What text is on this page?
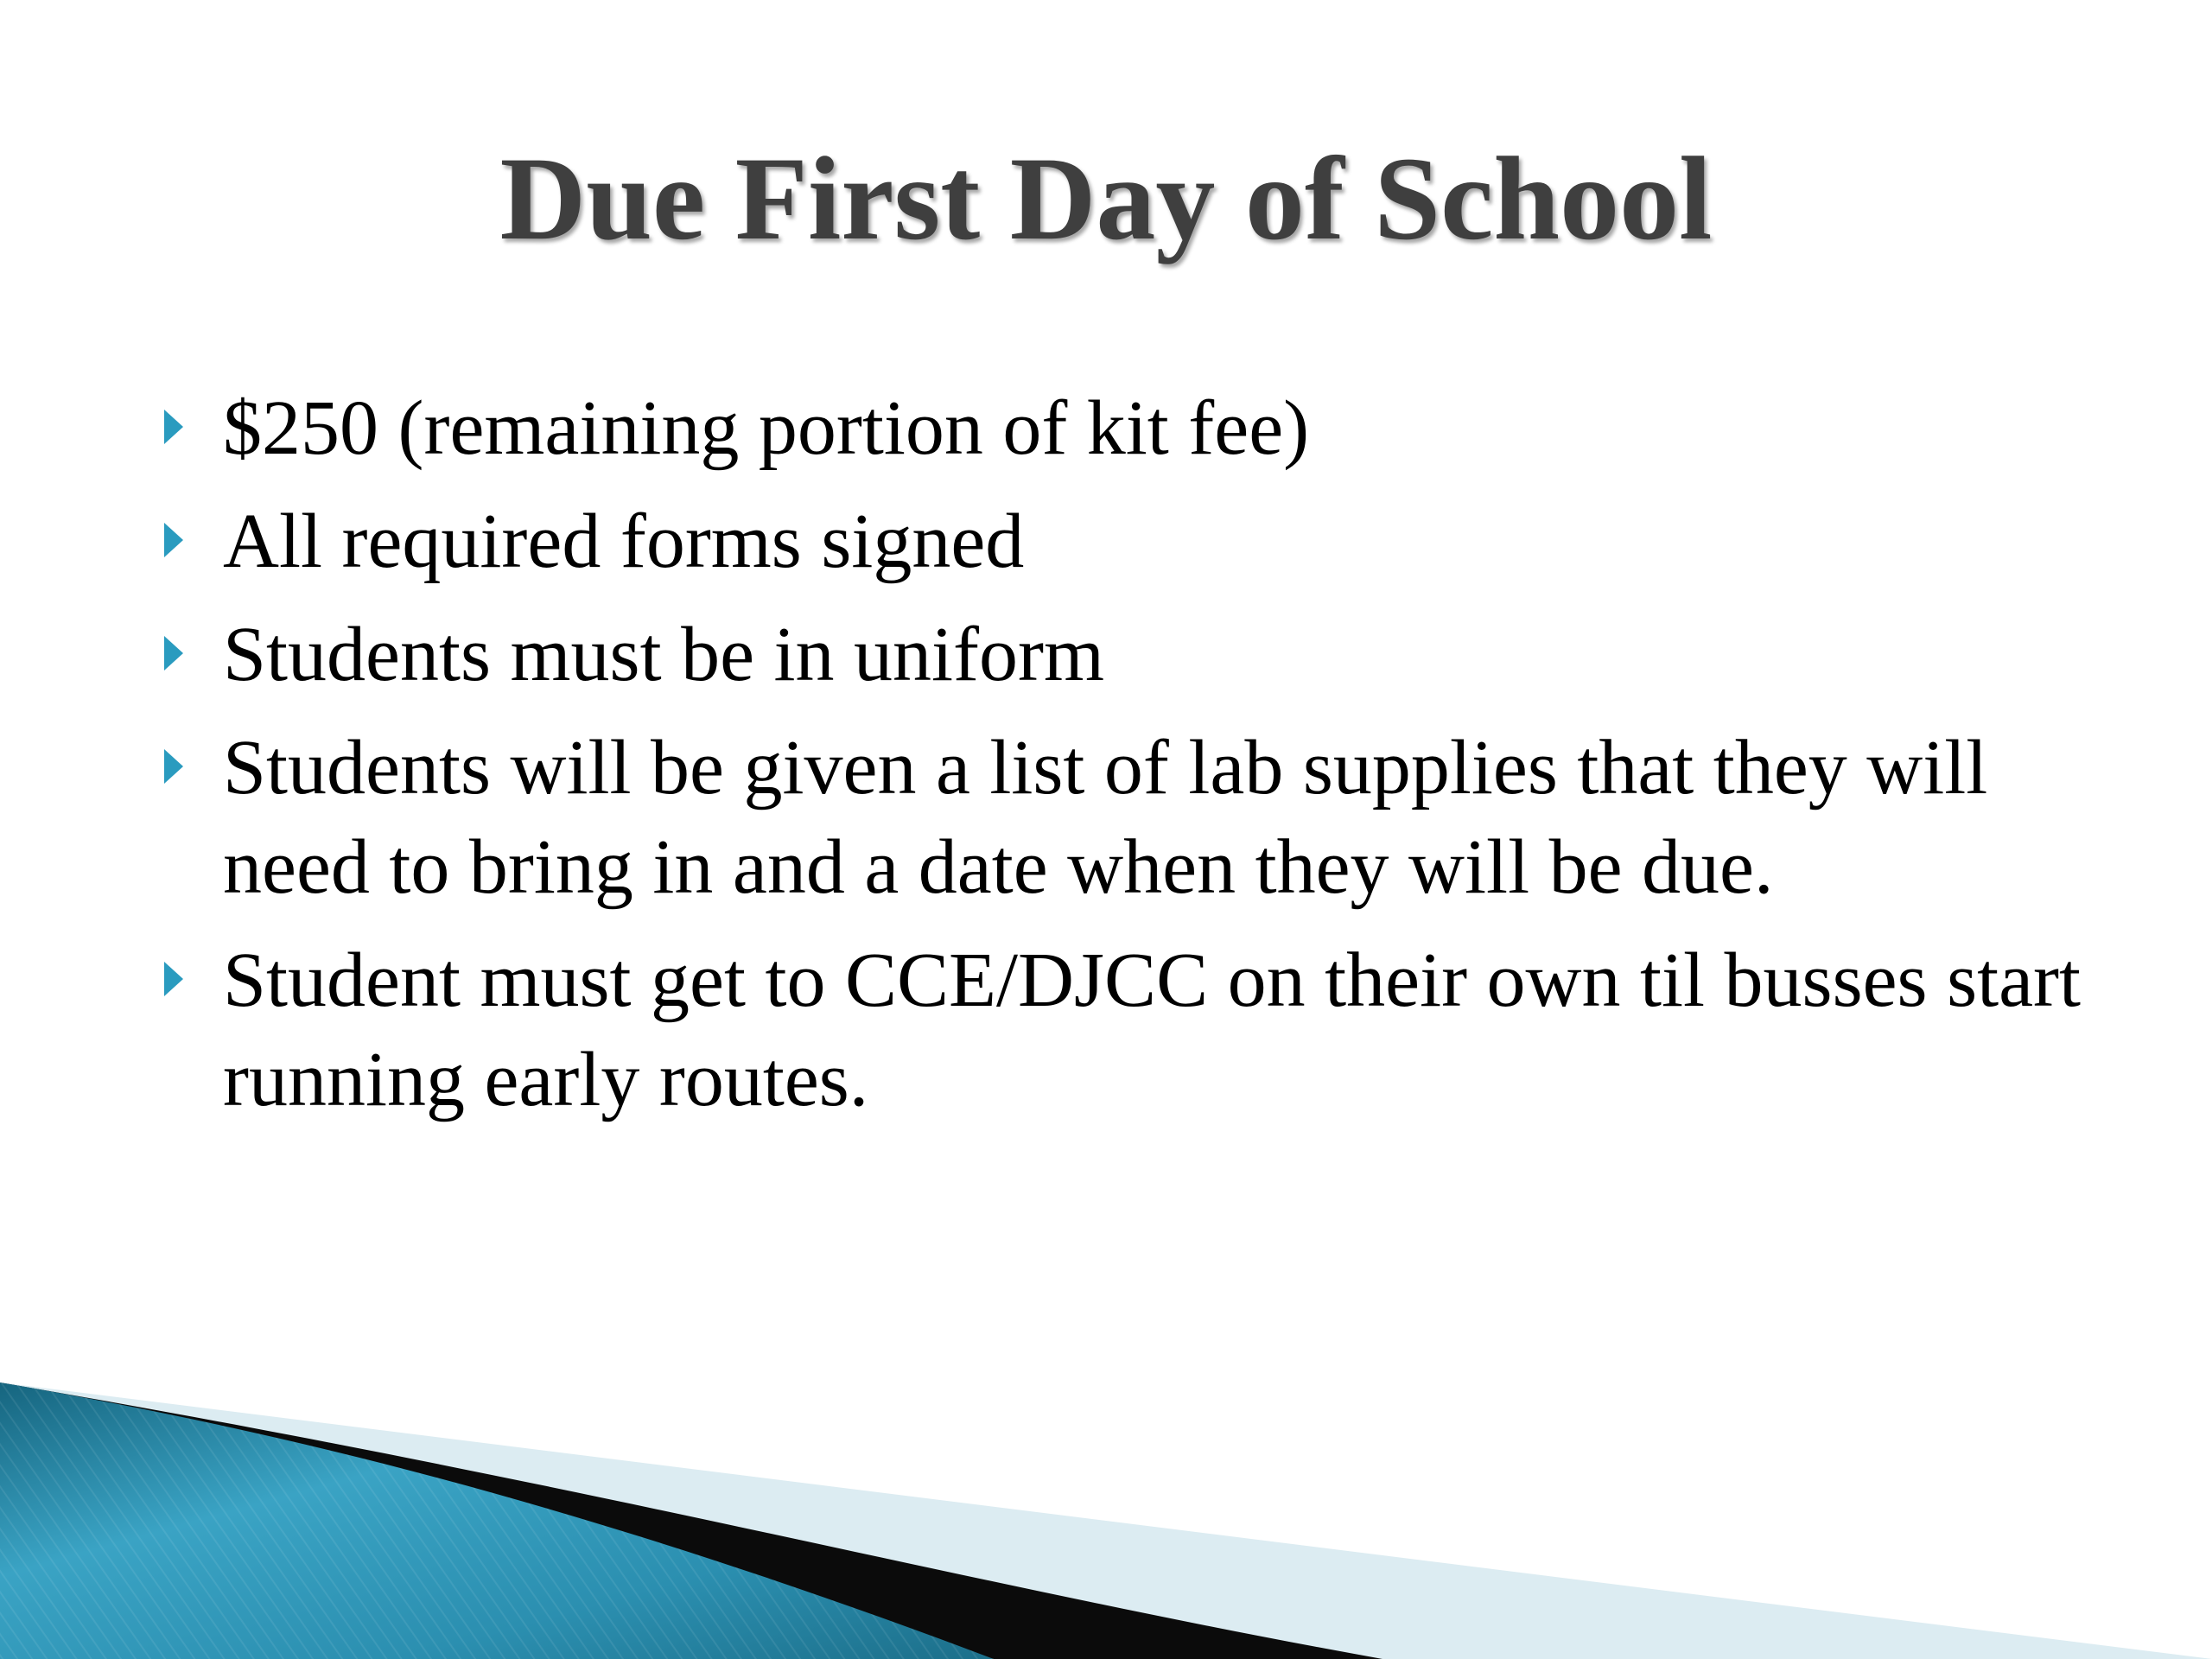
Due First Day of School
$250 (remaining portion of kit fee)
All required forms signed
Students must be in uniform
Students will be given a list of lab supplies that they will need to bring in and a date when they will be due.
Student must get to CCE/DJCC on their own til busses start running early routes.
